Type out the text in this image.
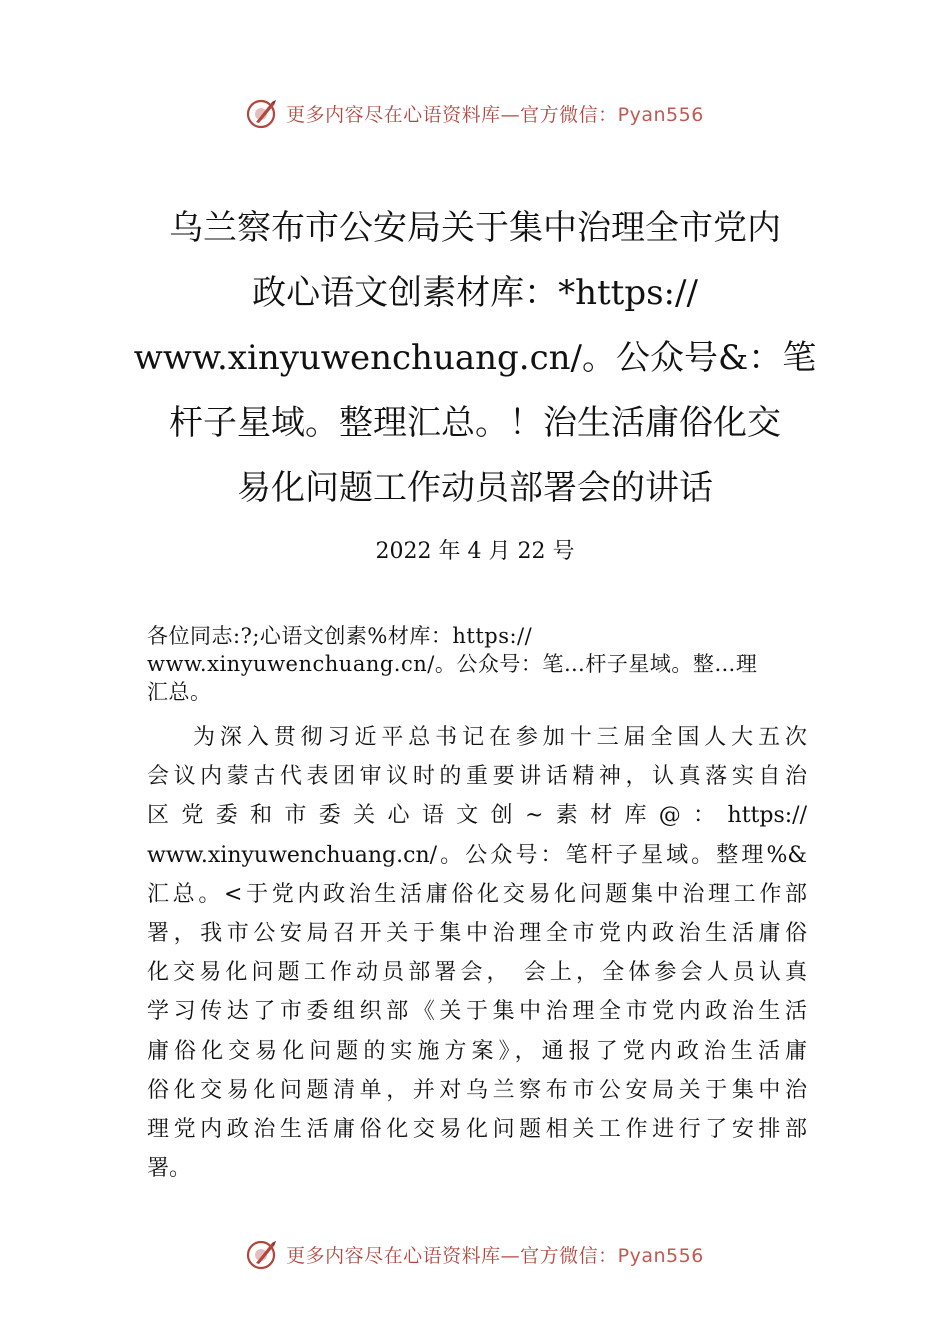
更多内容尽在心语资料库—官方微信：Pyan556
乌兰察布市公安局关于集中治理全市党内
政心语文创素材库：*https://
www.xinyuwenchuang.cn/。公众号&：笔
杆子星域。整理汇总。！治生活庸俗化交
易化问题工作动员部署会的讲话

2022 年 4 月 22 号

各位同志:?;心语文创素%材库：https://
www.xinyuwenchuang.cn/。公众号：笔…杆子星域。整…理
汇总。

为深入贯彻习近平总书记在参加十三届全国人大五次
会议内蒙古代表团审议时的重要讲话精神，认真落实自治
区党委和市委关心语文创~素材库@：https://
www.xinyuwenchuang.cn/。公众号：笔杆子星域。整理%&
汇总。<于党内政治生活庸俗化交易化问题集中治理工作部
署，我市公安局召开关于集中治理全市党内政治生活庸俗
化交易化问题工作动员部署会， 会上，全体参会人员认真
学习传达了市委组织部《关于集中治理全市党内政治生活
庸俗化交易化问题的实施方案》，通报了党内政治生活庸
俗化交易化问题清单，并对乌兰察布市公安局关于集中治
理党内政治生活庸俗化交易化问题相关工作进行了安排部
署。

更多内容尽在心语资料库—官方微信：Pyan556
